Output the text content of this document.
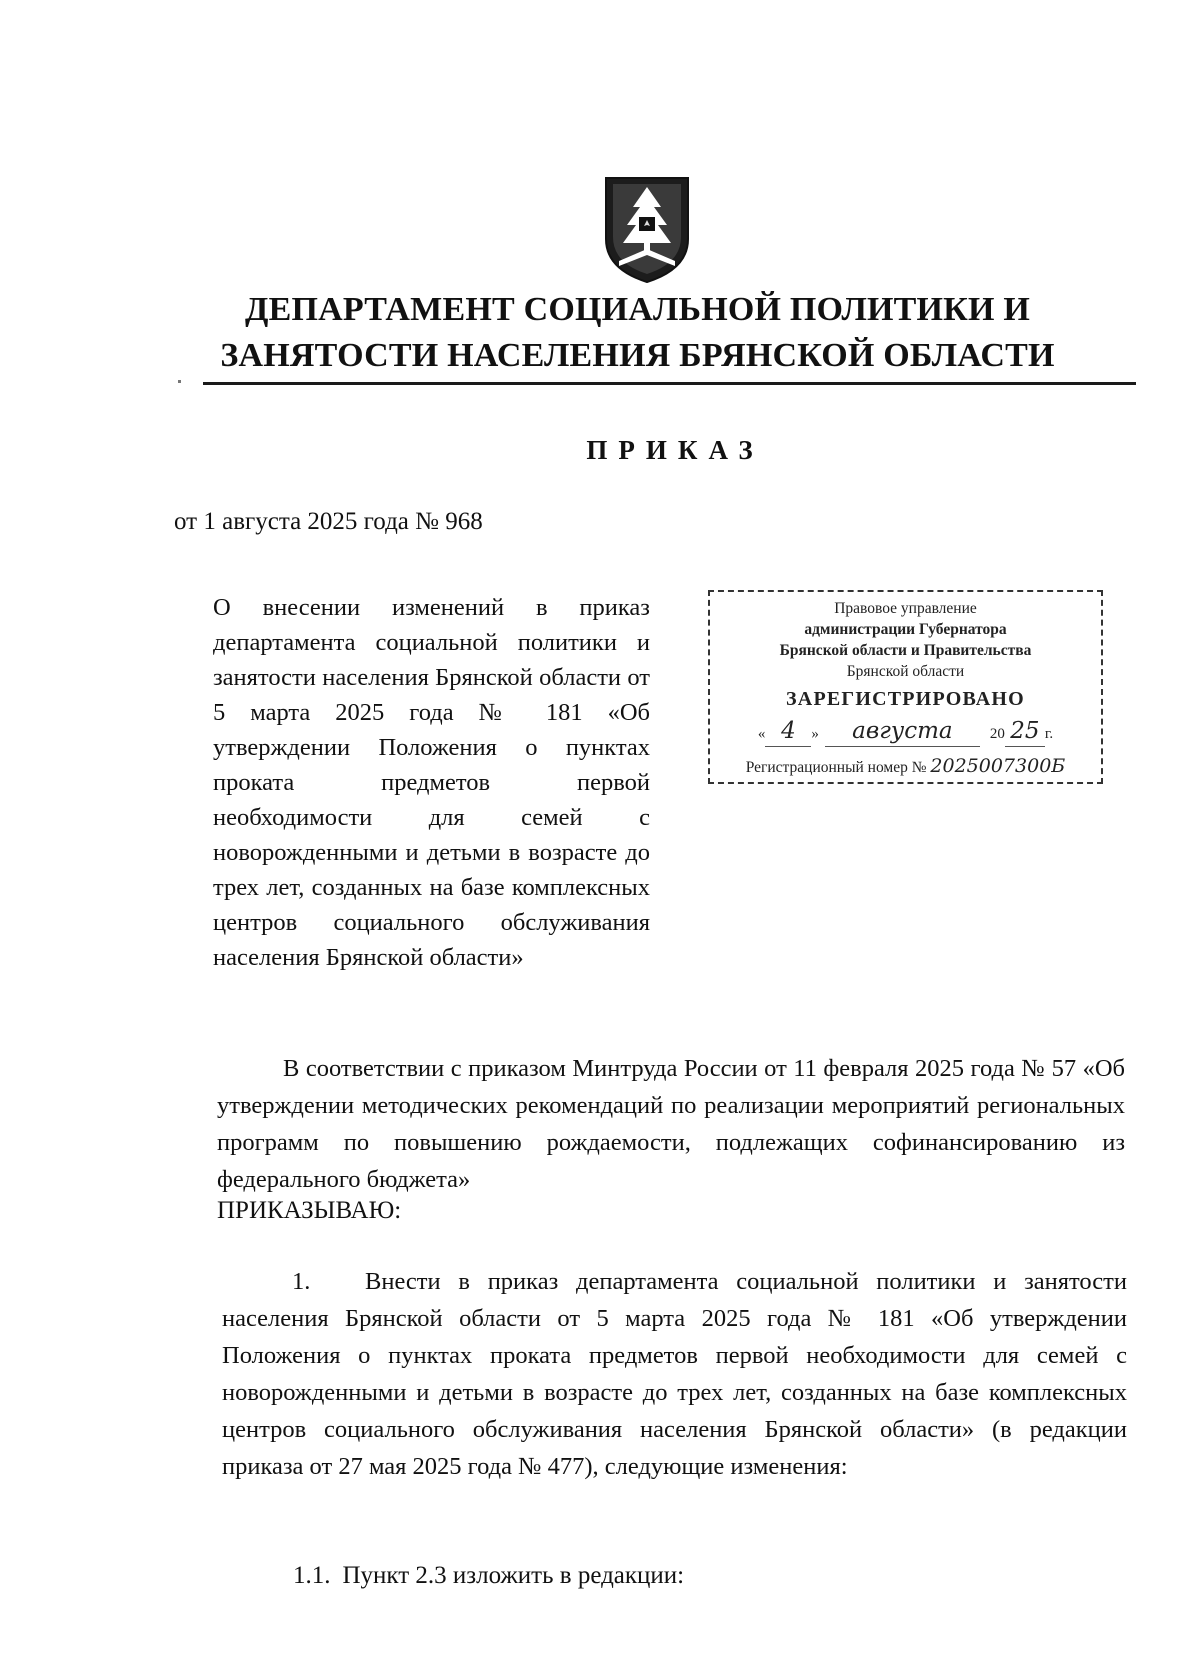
ДЕПАРТАМЕНТ СОЦИАЛЬНОЙ ПОЛИТИКИ И
ЗАНЯТОСТИ НАСЕЛЕНИЯ БРЯНСКОЙ ОБЛАСТИ
ПРИКАЗ
от 1 августа 2025 года № 968
О внесении изменений в приказ департамента социальной политики и занятости населения Брянской области от 5 марта 2025 года № 181 «Об утверждении Положения о пунктах проката предметов первой необходимости для семей с новорожденными и детьми в возрасте до трех лет, созданных на базе комплексных центров социального обслуживания населения Брянской области»
Правовое управление
администрации Губернатора
Брянской области и Правительства
Брянской области
ЗАРЕГИСТРИРОВАНО
« 4	»	августа	20 25 г.
Регистрационный номер № 2025007300Б
В соответствии с приказом Минтруда России от 11 февраля 2025 года № 57 «Об утверждении методических рекомендаций по реализации мероприятий региональных программ по повышению рождаемости, подлежащих софинансированию из федерального бюджета»
ПРИКАЗЫВАЮ:
1. Внести в приказ департамента социальной политики и занятости населения Брянской области от 5 марта 2025 года № 181 «Об утверждении Положения о пунктах проката предметов первой необходимости для семей с новорожденными и детьми в возрасте до трех лет, созданных на базе комплексных центров социального обслуживания населения Брянской области» (в редакции приказа от 27 мая 2025 года № 477), следующие изменения:
1.1. Пункт 2.3 изложить в редакции:
